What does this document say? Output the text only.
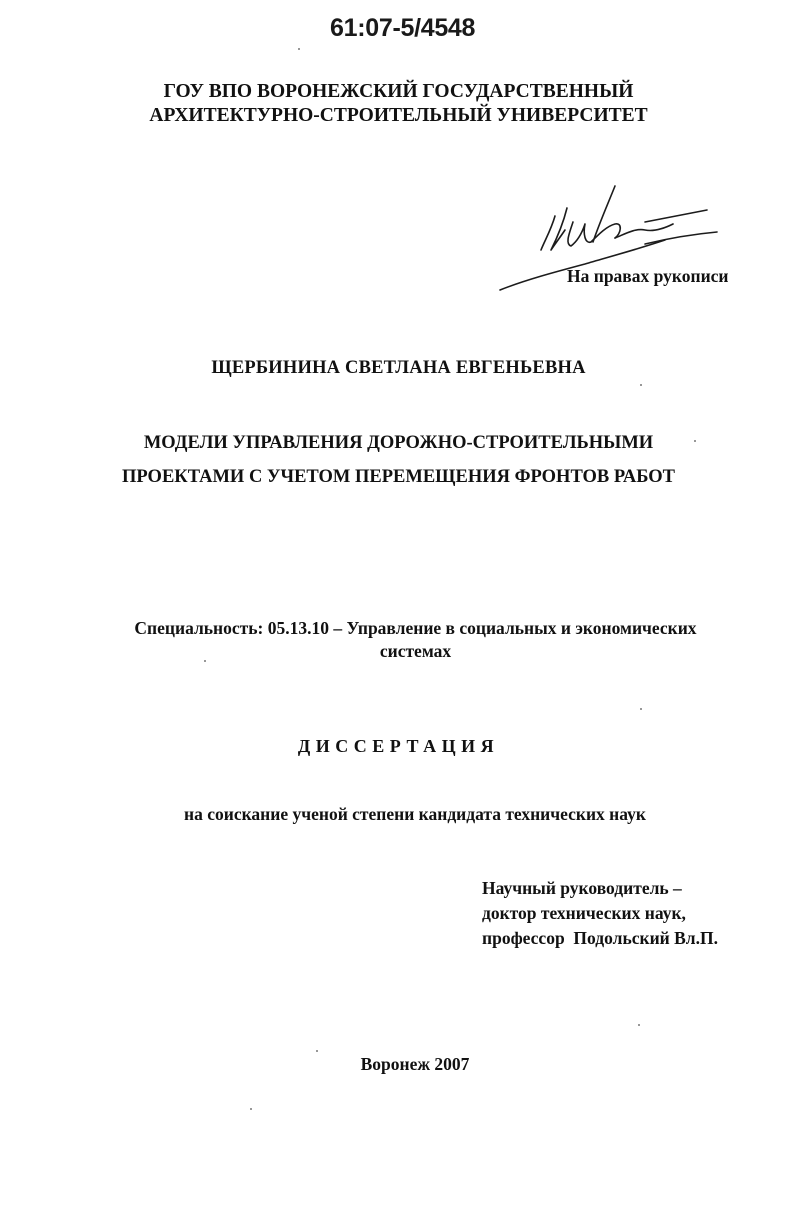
61:07-5/4548
ГОУ ВПО ВОРОНЕЖСКИЙ ГОСУДАРСТВЕННЫЙ
АРХИТЕКТУРНО-СТРОИТЕЛЬНЫЙ УНИВЕРСИТЕТ
На правах рукописи
ЩЕРБИНИНА СВЕТЛАНА ЕВГЕНЬЕВНА
МОДЕЛИ УПРАВЛЕНИЯ ДОРОЖНО-СТРОИТЕЛЬНЫМИ
ПРОЕКТАМИ С УЧЕТОМ ПЕРЕМЕЩЕНИЯ ФРОНТОВ РАБОТ
Специальность: 05.13.10 – Управление в социальных и экономических
системах
ДИССЕРТАЦИЯ
на соискание ученой степени кандидата технических наук
Научный руководитель –
доктор технических наук,
профессор  Подольский Вл.П.
Воронеж 2007
